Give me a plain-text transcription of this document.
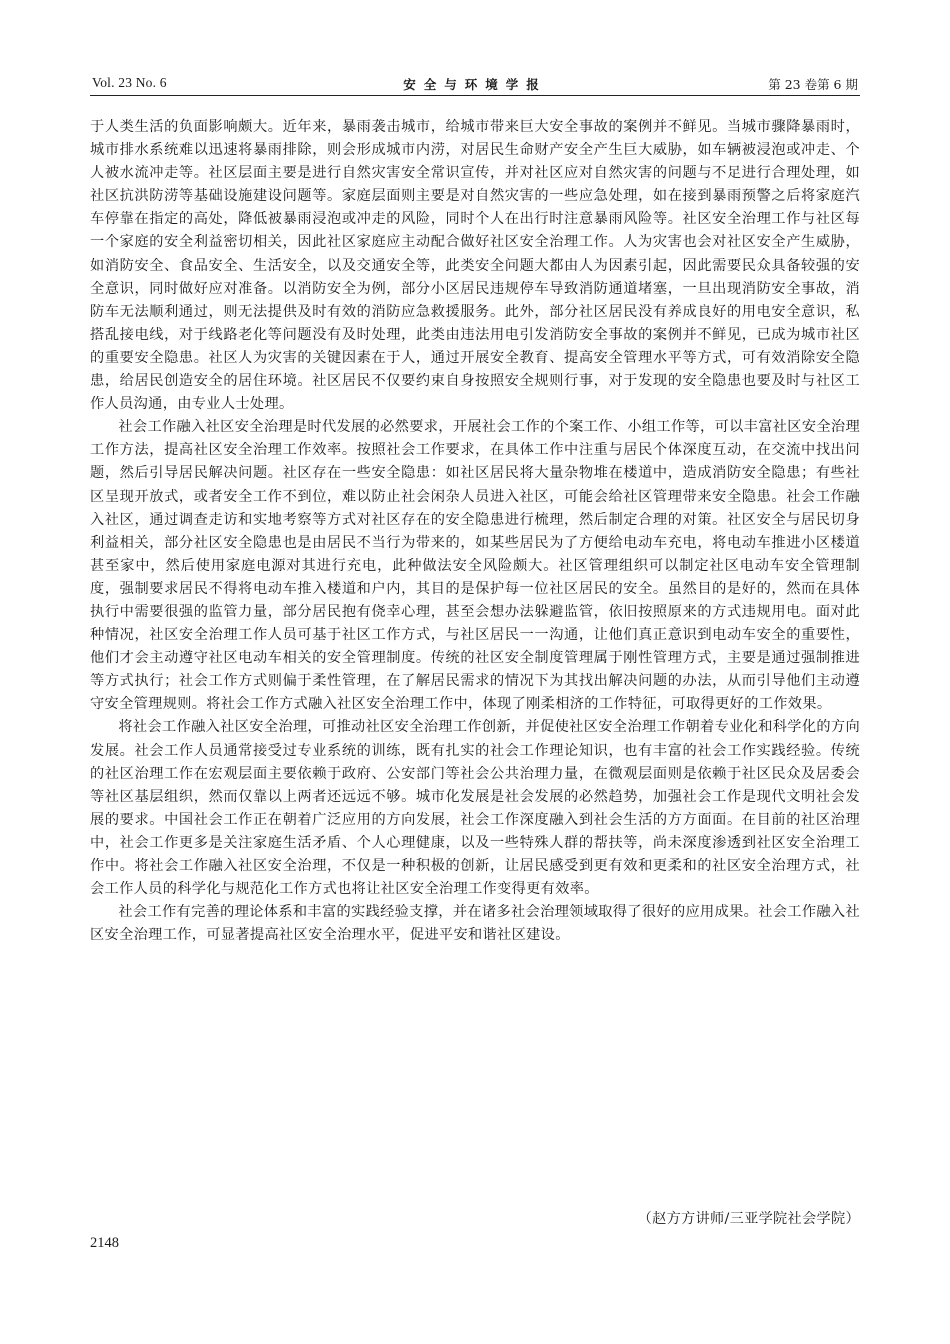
Vol. 23 No. 6	安全与环境学报	第 23 卷第 6 期

于人类生活的负面影响颇大。近年来，暴雨袭击城市，给城市带来巨大安全事故的案例并不鲜见。当城市骤降暴雨时，城市排水系统难以迅速将暴雨排除，则会形成城市内涝，对居民生命财产安全产生巨大威胁，如车辆被浸泡或冲走、个人被水流冲走等。社区层面主要是进行自然灾害安全常识宣传，并对社区应对自然灾害的问题与不足进行合理处理，如社区抗洪防涝等基础设施建设问题等。家庭层面则主要是对自然灾害的一些应急处理，如在接到暴雨预警之后将家庭汽车停靠在指定的高处，降低被暴雨浸泡或冲走的风险，同时个人在出行时注意暴雨风险等。社区安全治理工作与社区每一个家庭的安全利益密切相关，因此社区家庭应主动配合做好社区安全治理工作。人为灾害也会对社区安全产生威胁，如消防安全、食品安全、生活安全，以及交通安全等，此类安全问题大都由人为因素引起，因此需要民众具备较强的安全意识，同时做好应对准备。以消防安全为例，部分小区居民违规停车导致消防通道堵塞，一旦出现消防安全事故，消防车无法顺利通过，则无法提供及时有效的消防应急救援服务。此外，部分社区居民没有养成良好的用电安全意识，私搭乱接电线，对于线路老化等问题没有及时处理，此类由违法用电引发消防安全事故的案例并不鲜见，已成为城市社区的重要安全隐患。社区人为灾害的关键因素在于人，通过开展安全教育、提高安全管理水平等方式，可有效消除安全隐患，给居民创造安全的居住环境。社区居民不仅要约束自身按照安全规则行事，对于发现的安全隐患也要及时与社区工作人员沟通，由专业人士处理。

社会工作融入社区安全治理是时代发展的必然要求，开展社会工作的个案工作、小组工作等，可以丰富社区安全治理工作方法，提高社区安全治理工作效率。按照社会工作要求，在具体工作中注重与居民个体深度互动，在交流中找出问题，然后引导居民解决问题。社区存在一些安全隐患：如社区居民将大量杂物堆在楼道中，造成消防安全隐患；有些社区呈现开放式，或者安全工作不到位，难以防止社会闲杂人员进入社区，可能会给社区管理带来安全隐患。社会工作融入社区，通过调查走访和实地考察等方式对社区存在的安全隐患进行梳理，然后制定合理的对策。社区安全与居民切身利益相关，部分社区安全隐患也是由居民不当行为带来的，如某些居民为了方便给电动车充电，将电动车推进小区楼道甚至家中，然后使用家庭电源对其进行充电，此种做法安全风险颇大。社区管理组织可以制定社区电动车安全管理制度，强制要求居民不得将电动车推入楼道和户内，其目的是保护每一位社区居民的安全。虽然目的是好的，然而在具体执行中需要很强的监管力量，部分居民抱有侥幸心理，甚至会想办法躲避监管，依旧按照原来的方式违规用电。面对此种情况，社区安全治理工作人员可基于社区工作方式，与社区居民一一沟通，让他们真正意识到电动车安全的重要性，他们才会主动遵守社区电动车相关的安全管理制度。传统的社区安全制度管理属于刚性管理方式，主要是通过强制推进等方式执行；社会工作方式则偏于柔性管理，在了解居民需求的情况下为其找出解决问题的办法，从而引导他们主动遵守安全管理规则。将社会工作方式融入社区安全治理工作中，体现了刚柔相济的工作特征，可取得更好的工作效果。

将社会工作融入社区安全治理，可推动社区安全治理工作创新，并促使社区安全治理工作朝着专业化和科学化的方向发展。社会工作人员通常接受过专业系统的训练，既有扎实的社会工作理论知识，也有丰富的社会工作实践经验。传统的社区治理工作在宏观层面主要依赖于政府、公安部门等社会公共治理力量，在微观层面则是依赖于社区民众及居委会等社区基层组织，然而仅靠以上两者还远远不够。城市化发展是社会发展的必然趋势，加强社会工作是现代文明社会发展的要求。中国社会工作正在朝着广泛应用的方向发展，社会工作深度融入到社会生活的方方面面。在目前的社区治理中，社会工作更多是关注家庭生活矛盾、个人心理健康，以及一些特殊人群的帮扶等，尚未深度渗透到社区安全治理工作中。将社会工作融入社区安全治理，不仅是一种积极的创新，让居民感受到更有效和更柔和的社区安全治理方式，社会工作人员的科学化与规范化工作方式也将让社区安全治理工作变得更有效率。

社会工作有完善的理论体系和丰富的实践经验支撑，并在诸多社会治理领域取得了很好的应用成果。社会工作融入社区安全治理工作，可显著提高社区安全治理水平，促进平安和谐社区建设。

（赵方方讲师/三亚学院社会学院）
2148
